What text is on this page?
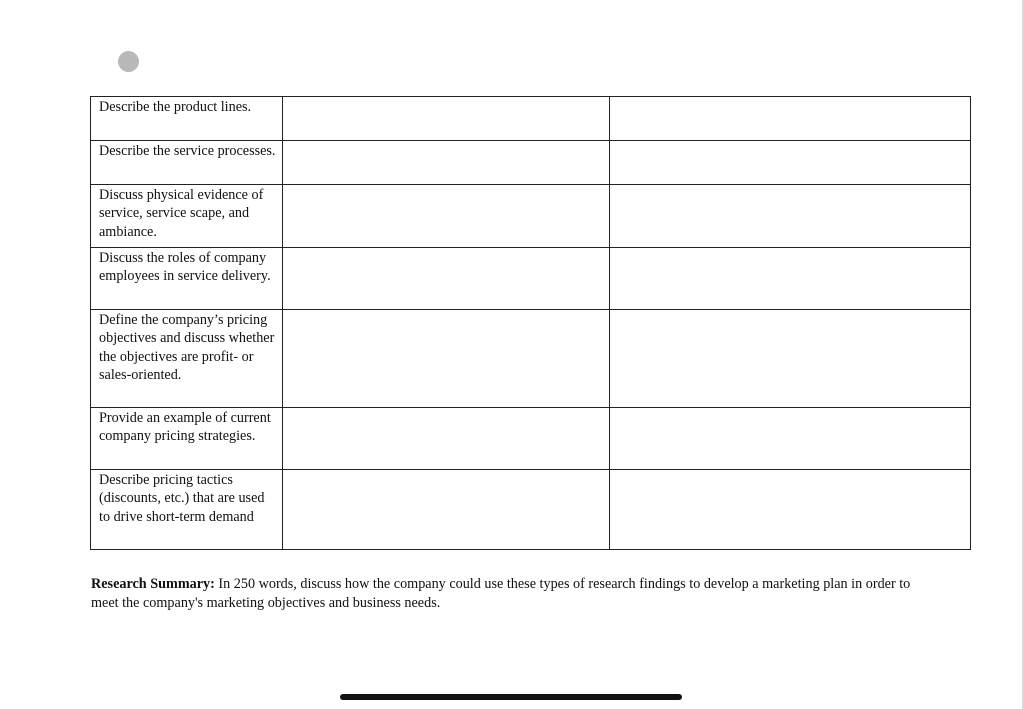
Describe the product lines.		
Describe the service processes.		
Discuss physical evidence of service, service scape, and ambiance.		
Discuss the roles of company employees in service delivery.		
Define the company’s pricing objectives and discuss whether the objectives are profit- or sales-oriented.		
Provide an example of current company pricing strategies.		
Describe pricing tactics (discounts, etc.) that are used to drive short-term demand		

Research Summary: In 250 words, discuss how the company could use these types of research findings to develop a marketing plan in order to meet the company's marketing objectives and business needs.
